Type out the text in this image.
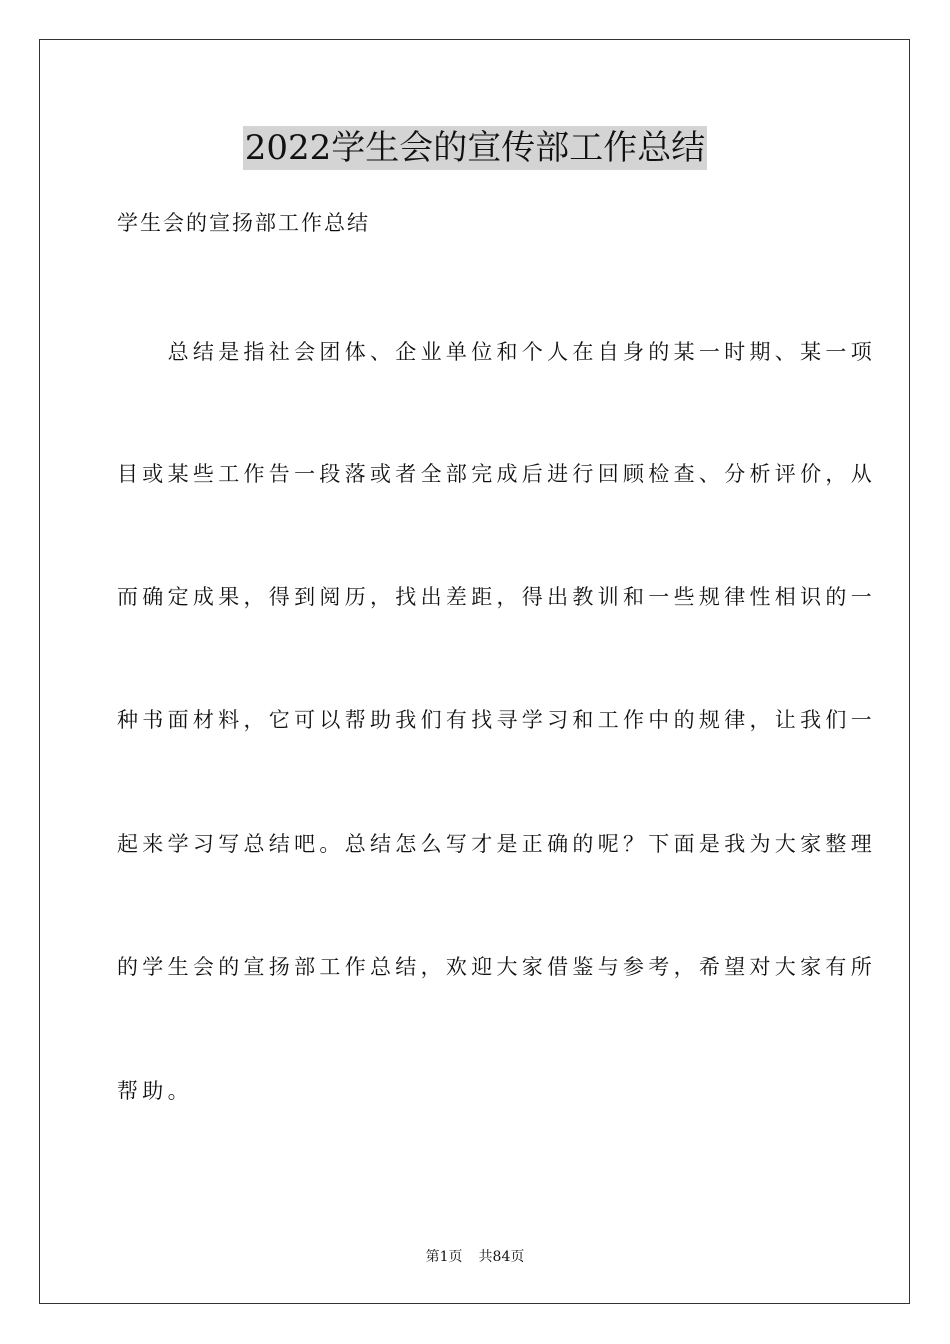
2022学生会的宣传部工作总结
学生会的宣扬部工作总结
　　总结是指社会团体、企业单位和个人在自身的某一时期、某一项
目或某些工作告一段落或者全部完成后进行回顾检查、分析评价，从
而确定成果，得到阅历，找出差距，得出教训和一些规律性相识的一
种书面材料，它可以帮助我们有找寻学习和工作中的规律，让我们一
起来学习写总结吧。总结怎么写才是正确的呢？下面是我为大家整理
的学生会的宣扬部工作总结，欢迎大家借鉴与参考，希望对大家有所
帮助。
第1页 共84页
